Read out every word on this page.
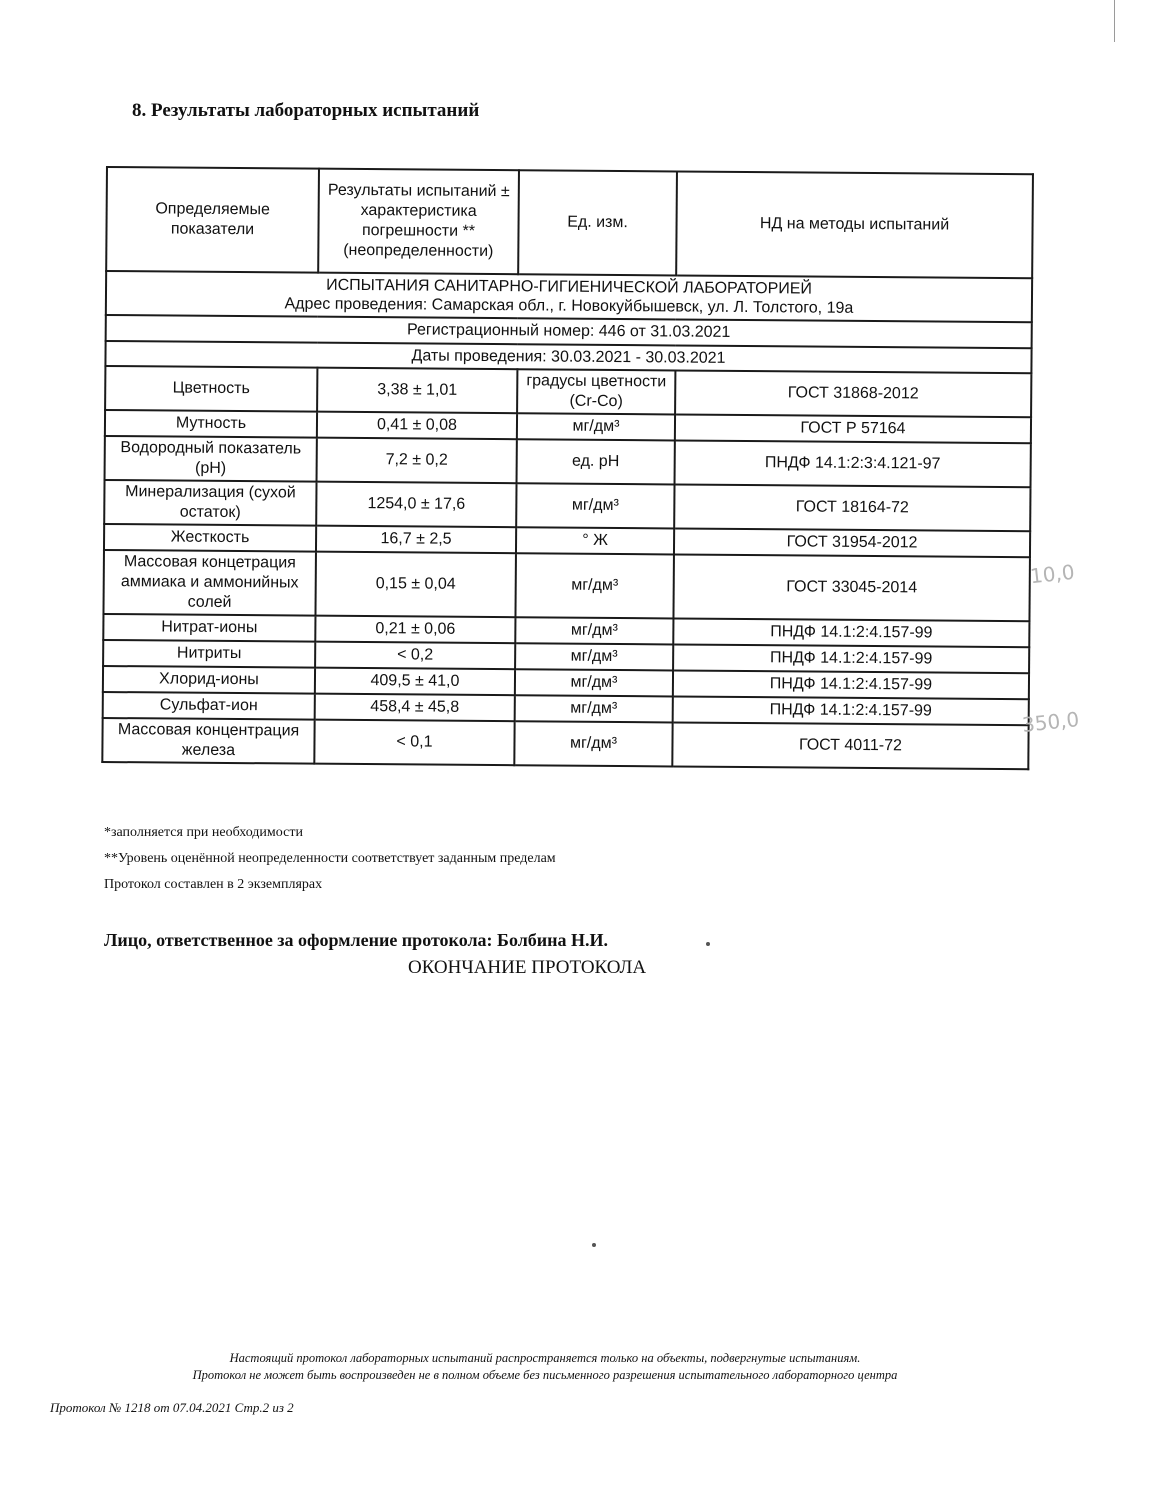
8. Результаты лабораторных испытаний
Определяемые показатели	Результаты испытаний ± характеристика погрешности **(неопределенности)	Ед. изм.	НД на методы испытаний

ИСПЫТАНИЯ САНИТАРНО-ГИГИЕНИЧЕСКОЙ ЛАБОРАТОРИЕЙ
Адрес проведения: Самарская обл., г. Новокуйбышевск, ул. Л. Толстого, 19а			

Регистрационный номер: 446 от 31.03.2021			
Даты проведения: 30.03.2021 - 30.03.2021			
Цветность	3,38 ± 1,01	градусы цветности (Cr-Co)	ГОСТ 31868-2012
Мутность	0,41 ± 0,08	мг/дм³	ГОСТ Р 57164
Водородный показатель (pH)	7,2 ± 0,2	ед. pH	ПНДФ 14.1:2:3:4.121-97
Минерализация (сухой остаток)	1254,0 ± 17,6	мг/дм³	ГОСТ 18164-72
Жесткость	16,7 ± 2,5	° Ж	ГОСТ 31954-2012
Массовая концетрация аммиака и аммонийных солей	0,15 ± 0,04	мг/дм³	ГОСТ 33045-2014
Нитрат-ионы	0,21 ± 0,06	мг/дм³	ПНДФ 14.1:2:4.157-99
Нитриты	< 0,2	мг/дм³	ПНДФ 14.1:2:4.157-99
Хлорид-ионы	409,5 ± 41,0	мг/дм³	ПНДФ 14.1:2:4.157-99
Сульфат-ион	458,4 ± 45,8	мг/дм³	ПНДФ 14.1:2:4.157-99
Массовая концентрация железа	< 0,1	мг/дм³	ГОСТ 4011-72
10,0
350,0
*заполняется при необходимости
**Уровень оценённой неопределенности соответствует заданным пределам
Протокол составлен в 2 экземплярах
Лицо, ответственное за оформление протокола: Болбина Н.И.
ОКОНЧАНИЕ ПРОТОКОЛА
Настоящий протокол лабораторных испытаний распространяется только на объекты, подвергнутые испытаниям.
Протокол не может быть воспроизведен не в полном объеме без письменного разрешения испытательного лабораторного центра
Протокол № 1218 от 07.04.2021 Стр.2 из 2
